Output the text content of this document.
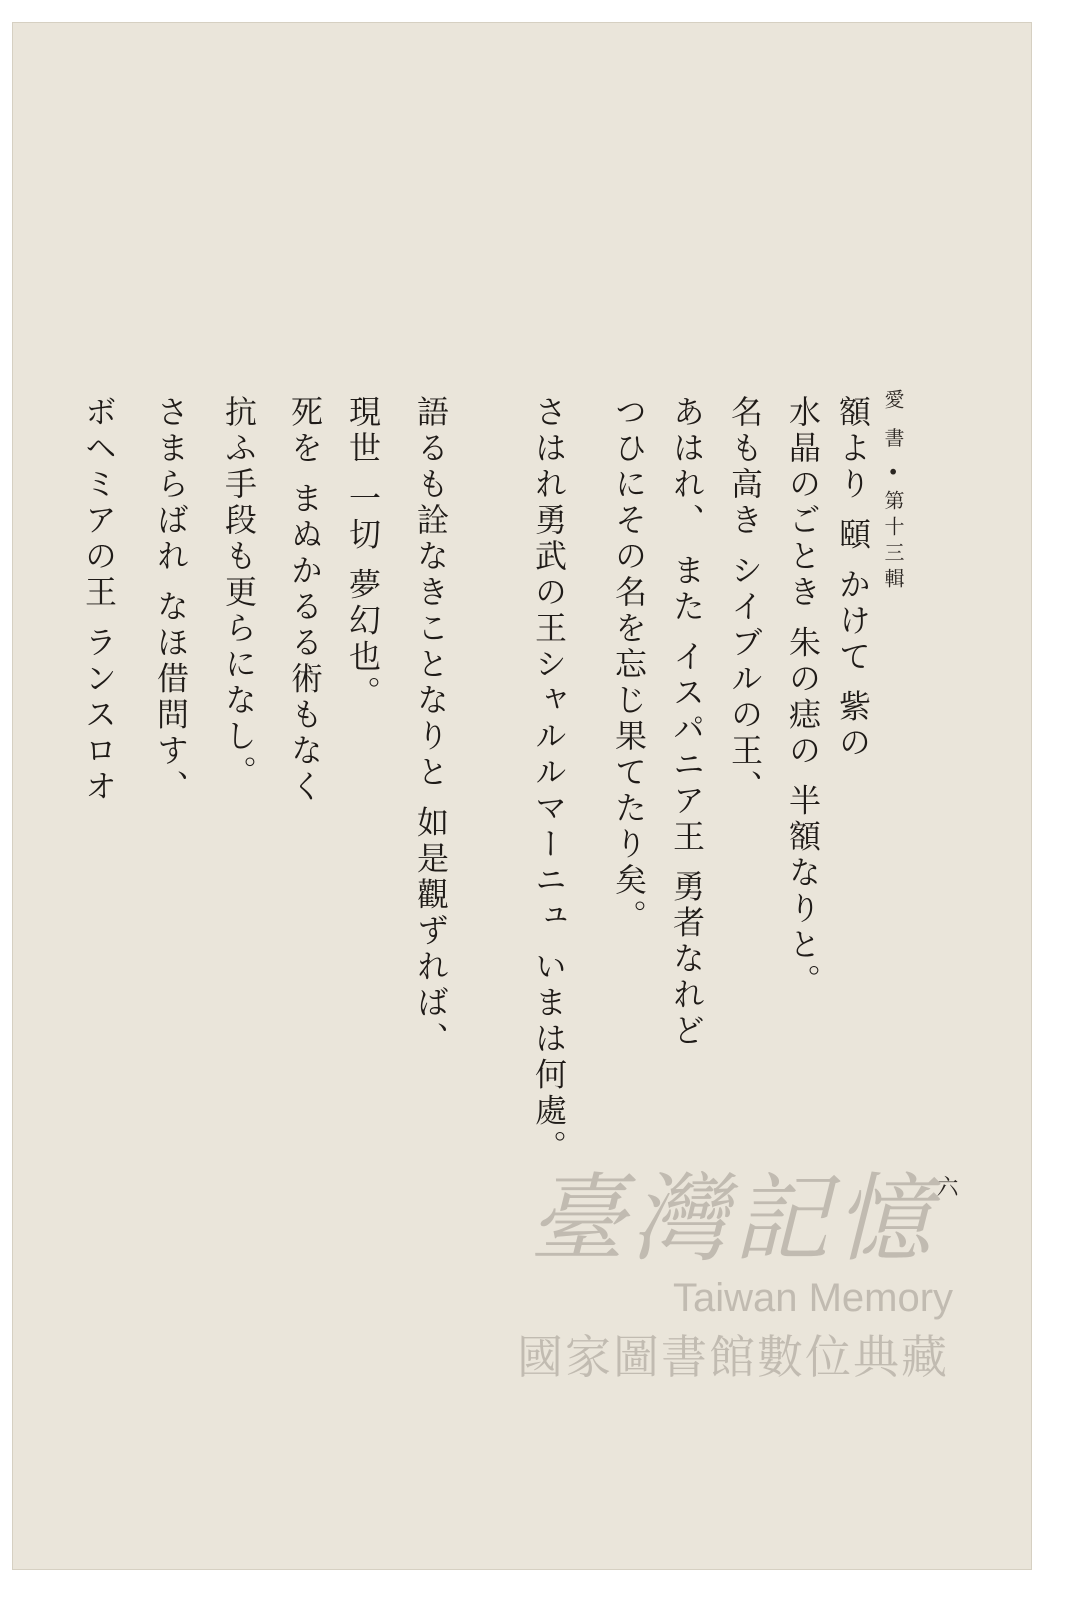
愛 書 • 第十三輯
額より 頤 かけて 紫の
水晶のごとき 朱の痣の 半額なりと。
名も高き シイブルの王、
あはれ、 また イスパニア王 勇者なれど
つひにその名を忘じ果てたり矣。
さはれ勇武の王シャルルマーニュ いまは何處。
語るも詮なきことなりと 如是觀ずれば、
現世 一切 夢幻也。
死を まぬかるる術もなく
抗ふ手段も更らになし。
さまらばれ なほ借問す、
ボヘミアの王 ランスロオ
六
臺灣記憶
Taiwan Memory
國家圖書館數位典藏
